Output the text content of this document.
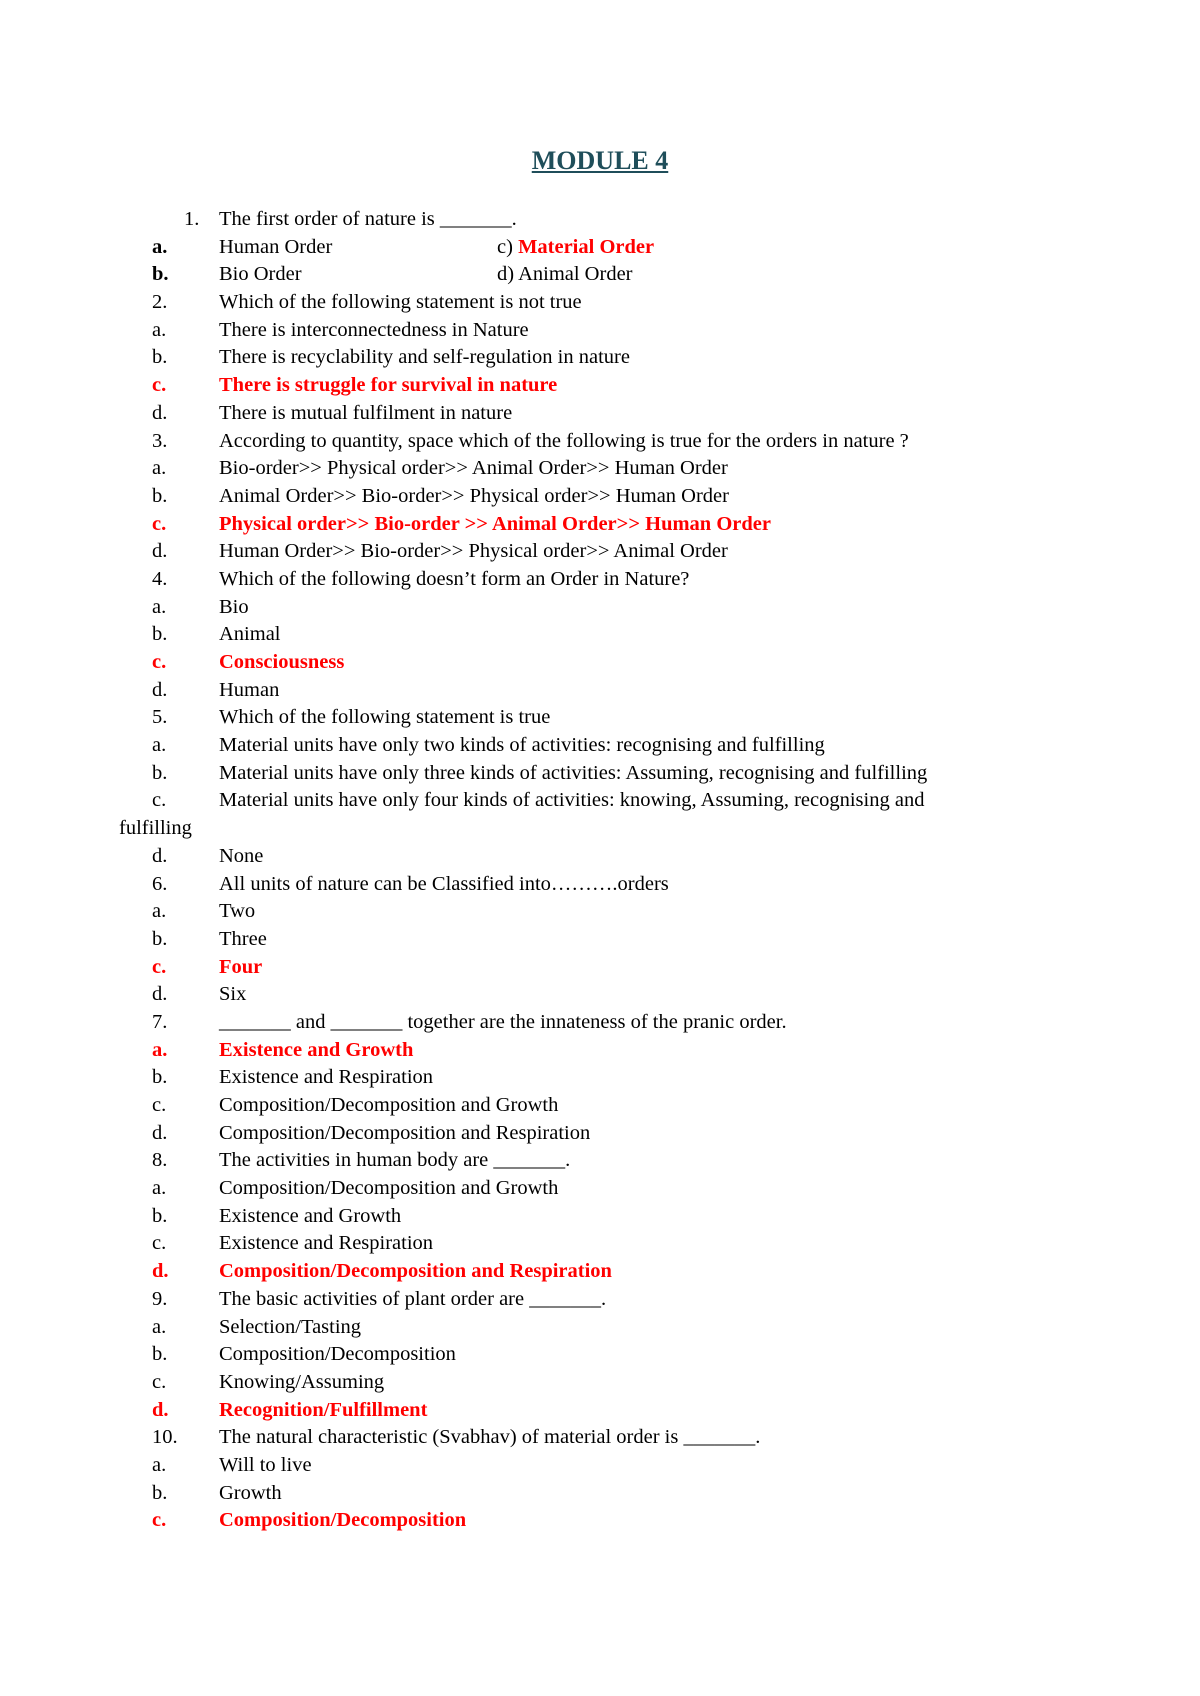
MODULE 4
1. The first order of nature is _______.
a.	Human Order	c) Material Order
b. Bio Order	d) Animal Order
2.	Which of the following statement is not true
a.	There is interconnectedness in Nature
b.	There is recyclability and self-regulation in nature
c.	There is struggle for survival in nature
d.	There is mutual fulfilment in nature
3.	According to quantity, space which of the following is true for the orders in nature ?
a.	Bio-order>> Physical order>> Animal Order>> Human Order
b.	Animal Order>> Bio-order>> Physical order>> Human Order
c.	Physical order>> Bio-order >> Animal Order>> Human Order
d.	Human Order>> Bio-order>> Physical order>> Animal Order
4.	Which of the following doesn’t form an Order in Nature?
a.	Bio
b.	Animal
c.	Consciousness
d.	Human
5.	Which of the following statement is true
a.	Material units have only two kinds of activities: recognising and fulfilling
b.	Material units have only three kinds of activities: Assuming, recognising and fulfilling
c.	Material units have only four kinds of activities: knowing, Assuming, recognising and
fulfilling
d.	None
6.	All units of nature can be Classified into……….orders
a.	Two
b.	Three
c.	Four
d.	Six
7.	_______ and _______ together are the innateness of the pranic order.
a.	Existence and Growth
b.	Existence and Respiration
c.	Composition/Decomposition and Growth
d.	Composition/Decomposition and Respiration
8.	The activities in human body are _______.
a.	Composition/Decomposition and Growth
b.	Existence and Growth
c.	Existence and Respiration
d. Composition/Decomposition and Respiration
9.	The basic activities of plant order are _______.
a.	Selection/Tasting
b.	Composition/Decomposition
c.	Knowing/Assuming
d. Recognition/Fulfillment
10. The natural characteristic (Svabhav) of material order is _______.
a.	Will to live
b.	Growth
c.	Composition/Decomposition
